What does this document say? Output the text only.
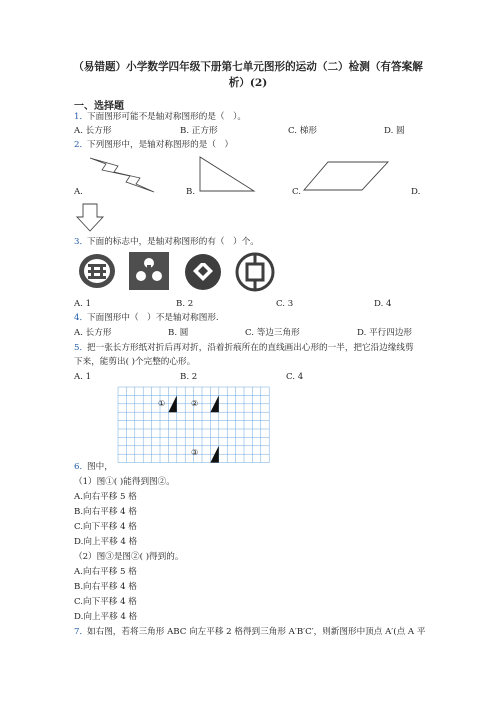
（易错题）小学数学四年级下册第七单元图形的运动（二）检测（有答案解
析）(2)
一、选择题
1．
下面图形可能不是轴对称图形的是（　）。
A. 长方形	B. 正方形	C. 梯形	D. 圆
2．
下列图形中，是轴对称图形的是（　）
A.	B.	C.	D.
3．
下面的标志中，是轴对称图形的有（　）个。
A. 1	B. 2	C. 3	D. 4
4．
下面图形中（　）不是轴对称图形.
A. 长方形	B. 圆	C. 等边三角形	D. 平行四边形
5．
把一张长方形纸对折后再对折，沿着折痕所在的直线画出心形的一半，把它沿边缘线剪
下来，能剪出( )个完整的心形。
A. 1	B. 2	C. 4
①	②
③
6．
图中，
（1）图①( )能得到图②。
A.向右平移 5 格
B.向右平移 4 格
C.向下平移 4 格
D.向上平移 4 格
（2）图③是图②( )得到的。
A.向右平移 5 格
B.向右平移 4 格
C.向下平移 4 格
D.向上平移 4 格
7．
如右图，若将三角形 ABC 向左平移 2 格得到三角形 A′B′C′，则新图形中顶点 A′(点 A 平
